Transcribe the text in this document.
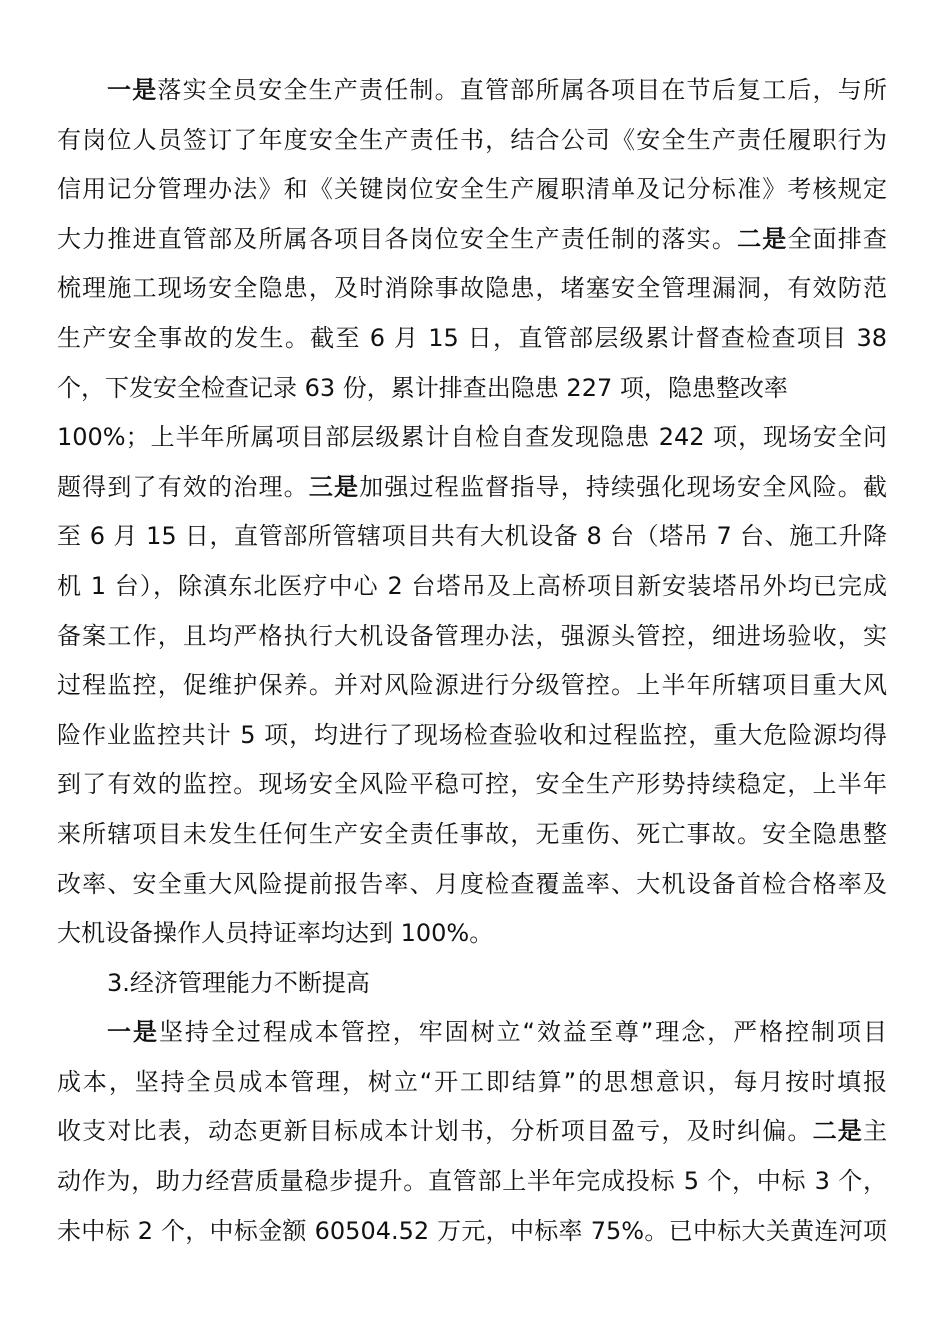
一是落实全员安全生产责任制。直管部所属各项目在节后复工后，与所
有岗位人员签订了年度安全生产责任书，结合公司《安全生产责任履职行为
信用记分管理办法》和《关键岗位安全生产履职清单及记分标准》考核规定
大力推进直管部及所属各项目各岗位安全生产责任制的落实。二是全面排查
梳理施工现场安全隐患，及时消除事故隐患，堵塞安全管理漏洞，有效防范
生产安全事故的发生。截至 6 月 15 日，直管部层级累计督查检查项目 38
个，下发安全检查记录 63 份，累计排查出隐患 227 项，隐患整改率
100%；上半年所属项目部层级累计自检自查发现隐患 242 项，现场安全问
题得到了有效的治理。三是加强过程监督指导，持续强化现场安全风险。截
至 6 月 15 日，直管部所管辖项目共有大机设备 8 台（塔吊 7 台、施工升降
机 1 台），除滇东北医疗中心 2 台塔吊及上高桥项目新安装塔吊外均已完成
备案工作，且均严格执行大机设备管理办法，强源头管控，细进场验收，实
过程监控，促维护保养。并对风险源进行分级管控。上半年所辖项目重大风
险作业监控共计 5 项，均进行了现场检查验收和过程监控，重大危险源均得
到了有效的监控。现场安全风险平稳可控，安全生产形势持续稳定，上半年
来所辖项目未发生任何生产安全责任事故，无重伤、死亡事故。安全隐患整
改率、安全重大风险提前报告率、月度检查覆盖率、大机设备首检合格率及
大机设备操作人员持证率均达到 100%。
3.经济管理能力不断提高
一是坚持全过程成本管控，牢固树立“效益至尊”理念，严格控制项目
成本，坚持全员成本管理，树立“开工即结算”的思想意识，每月按时填报
收支对比表，动态更新目标成本计划书，分析项目盈亏，及时纠偏。二是主
动作为，助力经营质量稳步提升。直管部上半年完成投标 5 个，中标 3 个，
未中标 2 个，中标金额 60504.52 万元，中标率 75%。已中标大关黄连河项
